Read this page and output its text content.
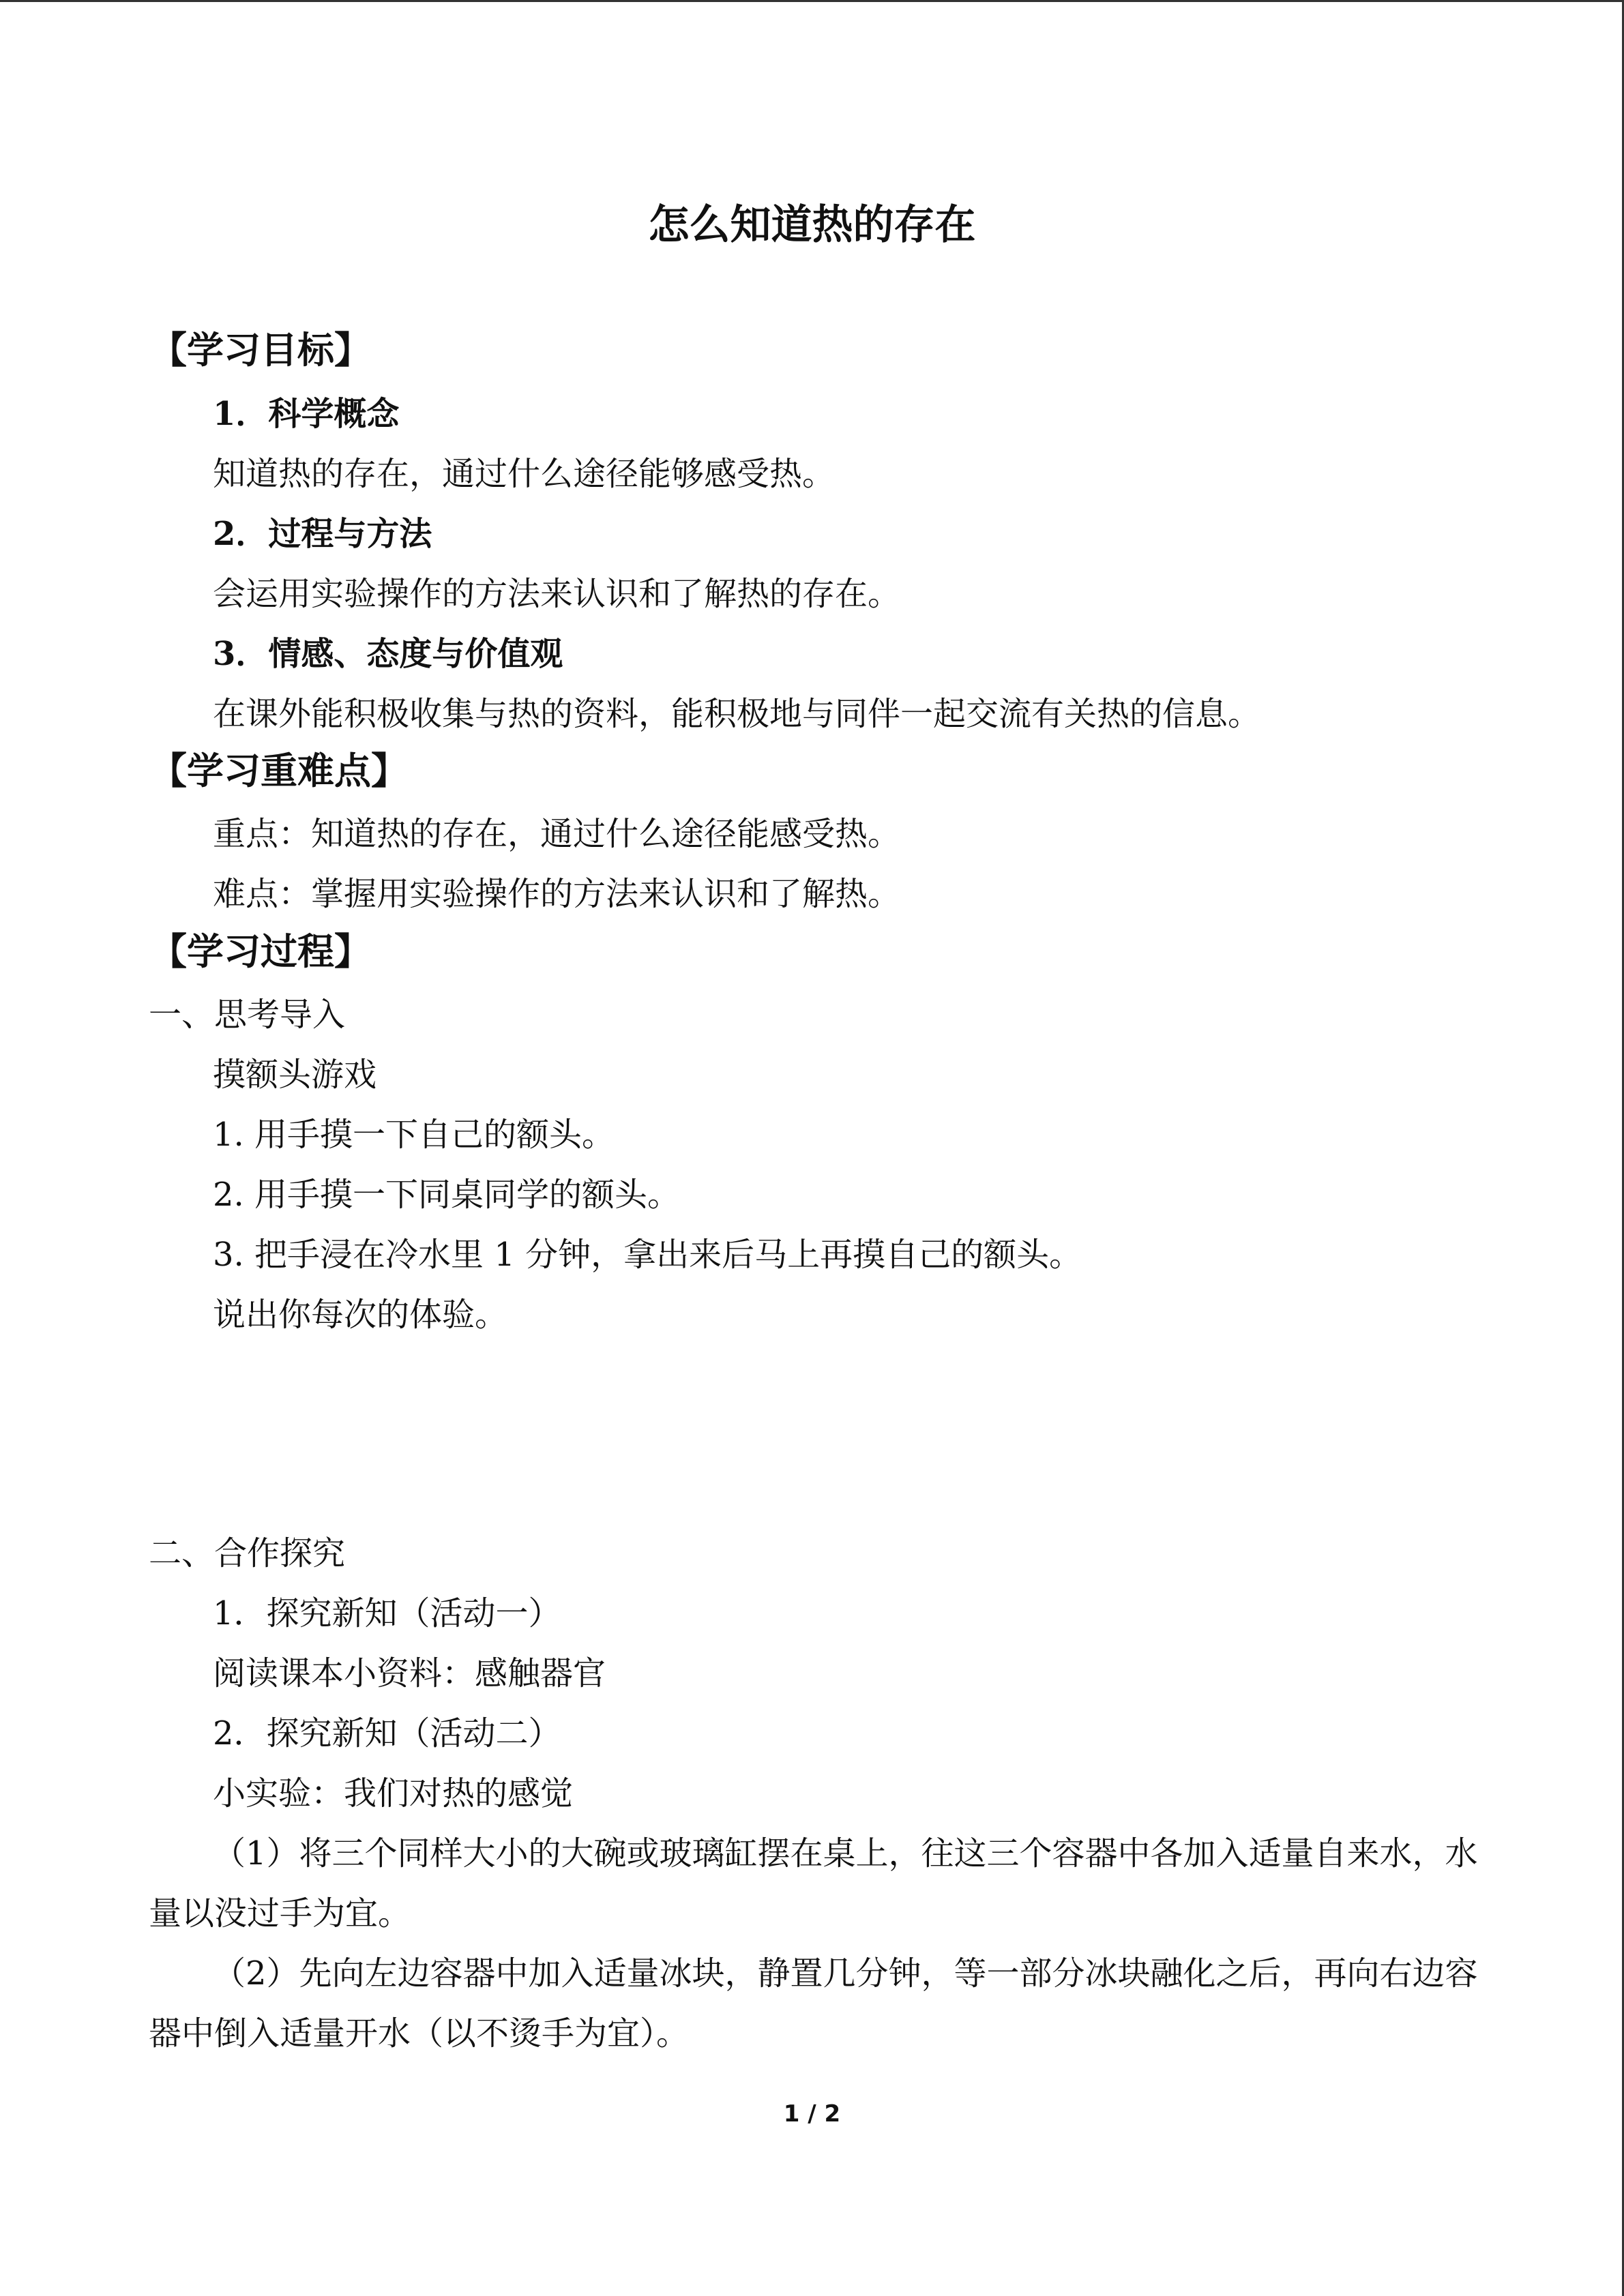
怎么知道热的存在
【学习目标】
1．科学概念
知道热的存在，通过什么途径能够感受热。
2．过程与方法
会运用实验操作的方法来认识和了解热的存在。
3．情感、态度与价值观
在课外能积极收集与热的资料，能积极地与同伴一起交流有关热的信息。
【学习重难点】
重点：知道热的存在，通过什么途径能感受热。
难点：掌握用实验操作的方法来认识和了解热。
【学习过程】
一、思考导入
摸额头游戏
1. 用手摸一下自己的额头。
2. 用手摸一下同桌同学的额头。
3. 把手浸在冷水里 1 分钟，拿出来后马上再摸自己的额头。
说出你每次的体验。
二、合作探究
1．探究新知（活动一）
阅读课本小资料：感触器官
2．探究新知（活动二）
小实验：我们对热的感觉
（1）将三个同样大小的大碗或玻璃缸摆在桌上，往这三个容器中各加入适量自来水，水
量以没过手为宜。
（2）先向左边容器中加入适量冰块，静置几分钟，等一部分冰块融化之后，再向右边容
器中倒入适量开水（以不烫手为宜）。
1 / 2
